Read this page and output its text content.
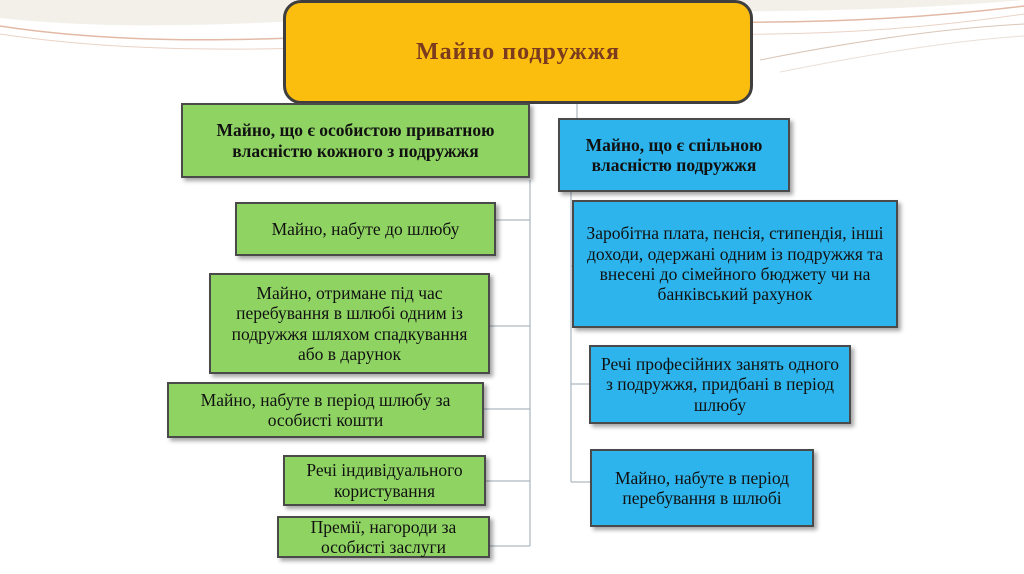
Майно подружжя
Майно, що є особистою приватною власністю кожного з подружжя	Майно, що є спільною власністю подружжя
Майно, набуте до шлюбу
Майно, отримане під час перебування в шлюбі одним із подружжя шляхом спадкування або в дарунок
Майно, набуте в період шлюбу за особисті кошти
Речі індивідуального користування
Премії, нагороди за особисті заслуги
Заробітна плата, пенсія, стипендія, інші доходи, одержані одним із подружжя та внесені до сімейного бюджету чи на банківський рахунок
Речі професійних занять одного з подружжя, придбані в період шлюбу
Майно, набуте в період перебування в шлюбі
